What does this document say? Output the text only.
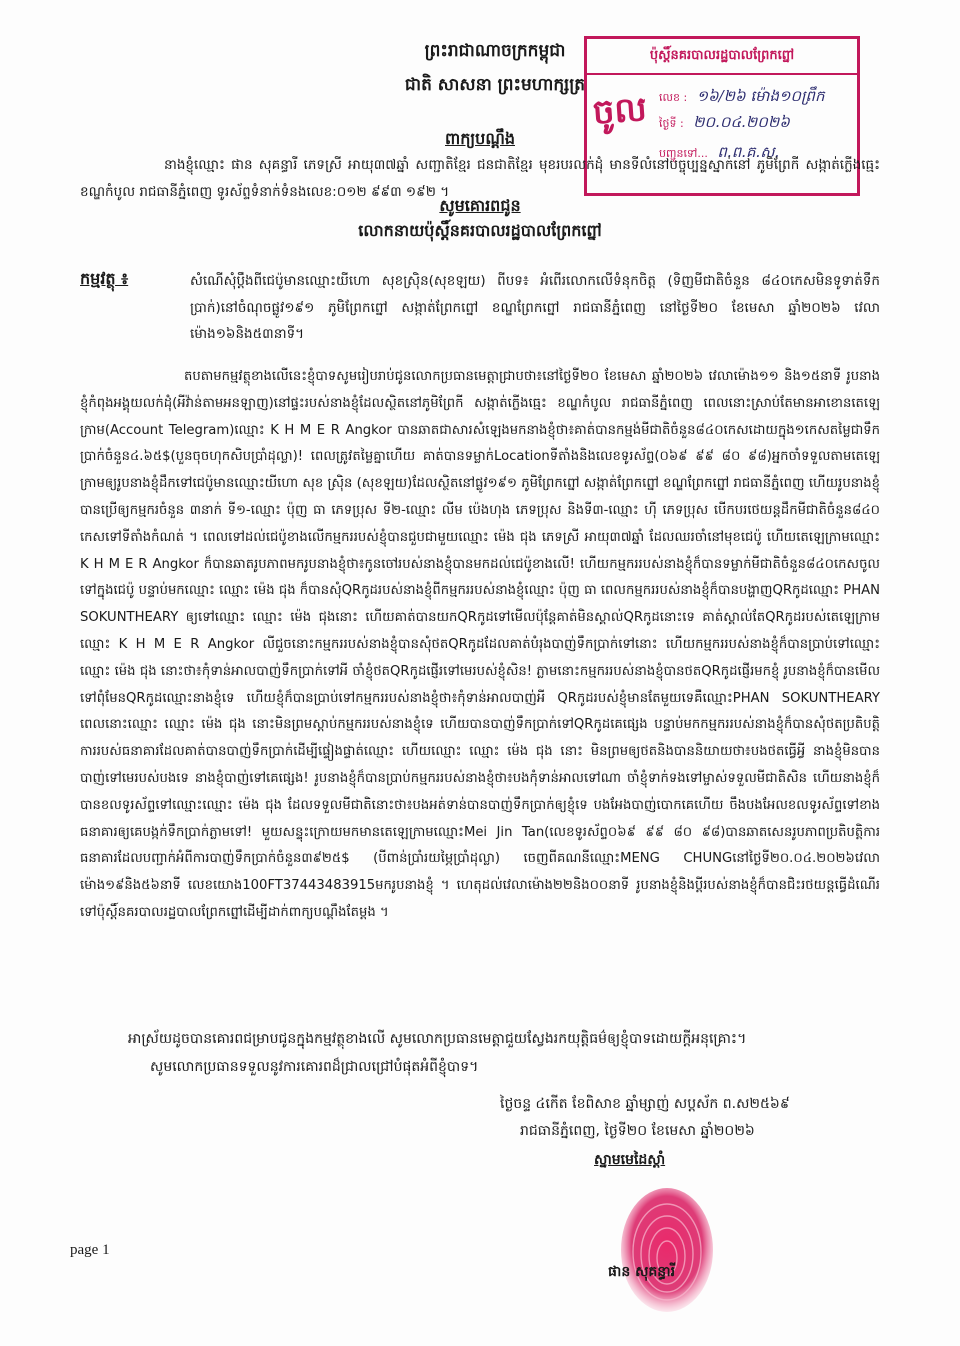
ព្រះរាជាណាចក្រកម្ពុជា
ជាតិ សាសនា ព្រះមហាក្សត្រ
ប៉ុស្តិ៍នគរបាលរដ្ឋបាលព្រែកព្នៅ
ចូល លេខ : ១៦/២៦ ម៉ោង១០ព្រឹក
ថ្ងៃទី : ២០.០៤.២០២៦
បញ្ជូនទៅ... ព.ព.គ.ស.
ពាក្យបណ្ដឹង
នាងខ្ញុំឈ្មោះ ផាន សុគន្ធារី ភេទស្រី អាយុ៣៧ឆ្នាំ សញ្ជាតិខ្មែរ ជនជាតិខ្មែរ មុខរបរលក់ដុំ មានទីលំនៅបច្ចុប្បន្នស្នាក់នៅ ភូមិព្រែកី សង្កាត់ក្លើងធ្មេះ ខណ្ឌកំបូល រាជធានីភ្នំពេញ ទូរស័ព្ទទំនាក់ទំនងលេខ:០១២ ៩៩៣ ១៩២ ។
សូមគោរពជូន
លោកនាយប៉ុស្តិ៍នគរបាលរដ្ឋបាលព្រែកព្នៅ
កម្មវត្ថុ ៖	សំណើសុំប្ដឹងពីជេប៉ូមានឈ្មោះយីហោ សុខស្រ៊ិន(សុខឡយ) ពីបទ៖ អំពើរលោកលើទំនុកចិត្ត (ទិញមីជាតិចំនួន ៨៤០កេសមិនទូទាត់ទឹកប្រាក់)នៅចំណុចផ្លូវ១៩១ ភូមិព្រែកព្នៅ សង្កាត់ព្រែកព្នៅ ខណ្ឌព្រែកព្នៅ រាជធានីភ្នំពេញ នៅថ្ងៃទី២០ ខែមេសា ឆ្នាំ២០២៦ វេលាម៉ោង១៦និង៥៣នាទី។
តបតាមកម្មវត្ថុខាងលើនេះខ្ញុំបាទសូមរៀបរាប់ជូនលោកប្រធានមេត្តាជ្រាបថា៖នៅថ្ងៃទី២០ ខែមេសា ឆ្នាំ២០២៦ វេលាម៉ោង១១ និង១៥នាទី រូបនាងខ្ញុំកំពុងអង្គុយលក់ដុំ(អីវ៉ាន់តាមអនឡាញ)នៅផ្ទះរបស់នាងខ្ញុំដែលស្ថិតនៅភូមិព្រែកី សង្កាត់ក្លើងធ្មេះ ខណ្ឌកំបូល រាជធានីភ្នំពេញ ពេលនោះស្រាប់តែមានអាខោនតេឡេក្រាម(Account Telegram)ឈ្មោះ K H M E R Angkor បានឆាតជាសារសំឡេងមកនាងខ្ញុំថា៖គាត់បានកម្មង់មីជាតិចំនួន៨៤០កេសដោយក្នុង១កេសតម្លៃជាទឹកប្រាក់ចំនួន៤.៦៥$(បួនចុចហុកសិបប្រាំដុល្លា)! ពេលត្រូវតម្លៃគ្នាហើយ គាត់បានទម្លាក់Locationទីតាំងនិងលេខទូរស័ព្ទ(០៦៩ ៩៩ ៨០ ៩៨)អ្នកចាំទទួលតាមតេឡេក្រាមឲ្យរូបនាងខ្ញុំដឹកទៅជេប៉ូមានឈ្មោះយីហោ សុខ ស្រ៊ិន (សុខឡយ)ដែលស្ថិតនៅផ្លូវ១៩១ ភូមិព្រែកព្នៅ សង្កាត់ព្រែកព្នៅ ខណ្ឌព្រែកព្នៅ រាជធានីភ្នំពេញ ហើយរូបនាងខ្ញុំបានប្រើឲ្យកម្មករចំនួន ៣នាក់ ទី១-ឈ្មោះ ប៉ុញ ធា ភេទប្រុស ទី២-ឈ្មោះ លីម ប៉េងហុង ភេទប្រុស និងទី៣-ឈ្មោះ ហ៊ី ភេទប្រុស បើកបរថេយន្តដឹកមីជាតិចំនួន៨៤០ កេសទៅទីតាំងកំណត់ ។ ពេលទៅដល់ជេប៉ូខាងលើកម្មកររបស់ខ្ញុំបានជួបជាមួយឈ្មោះ ម៉េង ជុង ភេទស្រី អាយុ៣៧ឆ្នាំ ដែលឈរចាំនៅមុខជេប៉ូ ហើយតេឡេក្រាមឈ្មោះ K H M E R Angkor ក៏បានឆាតរូបភាពមករូបនាងខ្ញុំថា៖កូនចៅរបស់នាងខ្ញុំបានមកដល់ជេប៉ូខាងលើ! ហើយកម្មកររបស់នាងខ្ញុំក៏បានទម្លាក់មីជាតិចំនួន៨៤០កេសចូលទៅក្នុងជេប៉ូ បន្ទាប់មកឈ្មោះ ឈ្មោះ ម៉េង ជុង ក៏បានសុំQRកូដរបស់នាងខ្ញុំពីកម្មកររបស់នាងខ្ញុំឈ្មោះ ប៉ុញ ធា ពេលកម្មកររបស់នាងខ្ញុំក៏បានបង្ហាញQRកូដឈ្មោះ PHAN SOKUNTHEARY ឲ្យទៅឈ្មោះ ឈ្មោះ ម៉េង ជុងនោះ ហើយគាត់បានយកQRកូដទៅមើលប៉ុន្តែគាត់មិនស្គាល់QRកូដនោះទេ គាត់ស្គាល់តែQRកូដរបស់តេឡេក្រាមឈ្មោះ K H M E R Angkor លីជួចនោះកម្មកររបស់នាងខ្ញុំបានសុំថតQRកូដដែលគាត់បំរុងបាញ់ទឹកប្រាក់ទៅនោះ ហើយកម្មកររបស់នាងខ្ញុំក៏បានប្រាប់ទៅឈ្មោះ ឈ្មោះ ម៉េង ជុង នោះថា៖កុំទាន់អាលបាញ់ទឹកប្រាក់ទៅអី ចាំខ្ញុំថតQRកូដផ្ញើរទៅមេរបស់ខ្ញុំសិន! ភ្លាមនោះកម្មកររបស់នាងខ្ញុំបានថតQRកូដផ្ញើរមកខ្ញុំ រូបនាងខ្ញុំក៏បានមើលទៅពុំមែនQRកូដឈ្មោះនាងខ្ញុំទេ ហើយខ្ញុំក៏បានប្រាប់ទៅកម្មកររបស់នាងខ្ញុំថា៖កុំទាន់អាលបាញ់អី QRកូដរបស់ខ្ញុំមានតែមួយទេគឺឈ្មោះPHAN SOKUNTHEARY ពេលនោះឈ្មោះ ឈ្មោះ ម៉េង ជុង នោះមិនព្រមស្ដាប់កម្មកររបស់នាងខ្ញុំទេ ហើយបានបាញ់ទឹកប្រាក់ទៅQRកូដគេផ្សេង បន្ទាប់មកកម្មកររបស់នាងខ្ញុំក៏បានសុំថតប្រតិបត្តិការរបស់ធនាគារដែលគាត់បានបាញ់ទឹកប្រាក់ដើម្បីផ្ទៀងផ្ទាត់ឈ្មោះ ហើយឈ្មោះ ឈ្មោះ ម៉េង ជុង នោះ មិនព្រមឲ្យថតនិងបាននិយាយថា៖បងថតធ្វើអ្វី នាងខ្ញុំមិនបានបាញ់ទៅមេរបស់បងទេ នាងខ្ញុំបាញ់ទៅគេផ្សេង! រូបនាងខ្ញុំក៏បានប្រាប់កម្មកររបស់នាងខ្ញុំថា៖បងកុំទាន់អាលទៅណា ចាំខ្ញុំទាក់ទងទៅម្ចាស់ទទួលមីជាតិសិន ហើយនាងខ្ញុំក៏បានខលទូរស័ព្ទទៅឈ្មោះឈ្មោះ ម៉េង ជុង ដែលទទួលមីជាតិនោះថា៖បងអត់ទាន់បានបាញ់ទឹកប្រាក់ឲ្យខ្ញុំទេ បងអែងបាញ់បោកគេហើយ ចឹងបងអែលខលទូរស័ព្ទទៅខាងធនាគារឲ្យគេបង្កក់ទឹកប្រាក់ភ្លាមទៅ! មួយសន្ទុះក្រោយមកមានតេឡេក្រាមឈ្មោះMei Jin Tan(លេខទូរស័ព្ទ០៦៩ ៩៩ ៨០ ៩៨)បានឆាតសេនរូបភាពប្រតិបត្តិការធនាគារដែលបញ្ជាក់អំពីការបាញ់ទឹកប្រាក់ចំនួន៣៩២៥$ (បីពាន់ប្រាំរយម្ភៃប្រាំដុល្លា) ចេញពីគណនីឈ្មោះMENG CHUNGនៅថ្ងៃទី២០.០៤.២០២៦វេលាម៉ោង១៩និង៥៦នាទី លេខយោង100FT3744348391​5មករូបនាងខ្ញុំ ។ ហេតុដល់វេលាម៉ោង២២និង០០នាទី រូបនាងខ្ញុំនិងប្ដីរបស់នាងខ្ញុំក៏បានជិះរថយន្តធ្វើដំណើរទៅប៉ុស្តិ៍នគរបាលរដ្ឋបាលព្រែកព្នៅដើម្បីដាក់ពាក្យបណ្ដឹងតែម្ដង ។
អាស្រ័យដូចបានគោរពជម្រាបជូនក្នុងកម្មវត្ថុខាងលើ សូមលោកប្រធានមេត្តាជួយស្វែងរកយុត្តិធម៌ឲ្យខ្ញុំបាទដោយក្ដីអនុគ្រោះ។
សូមលោកប្រធានទទួលនូវការគោរពដ៏ជ្រាលជ្រៅបំផុតអំពីខ្ញុំបាទ។
ថ្ងៃចន្ទ ៤កើត ខែពិសាខ ឆ្នាំម្សាញ់ សប្តស័ក ព.ស២៥៦៩
រាជធានីភ្នំពេញ, ថ្ងៃទី២០ ខែមេសា ឆ្នាំ២០២៦
ស្នាមមេដៃស្ដាំ
ផាន សុគន្ធារី
page 1
